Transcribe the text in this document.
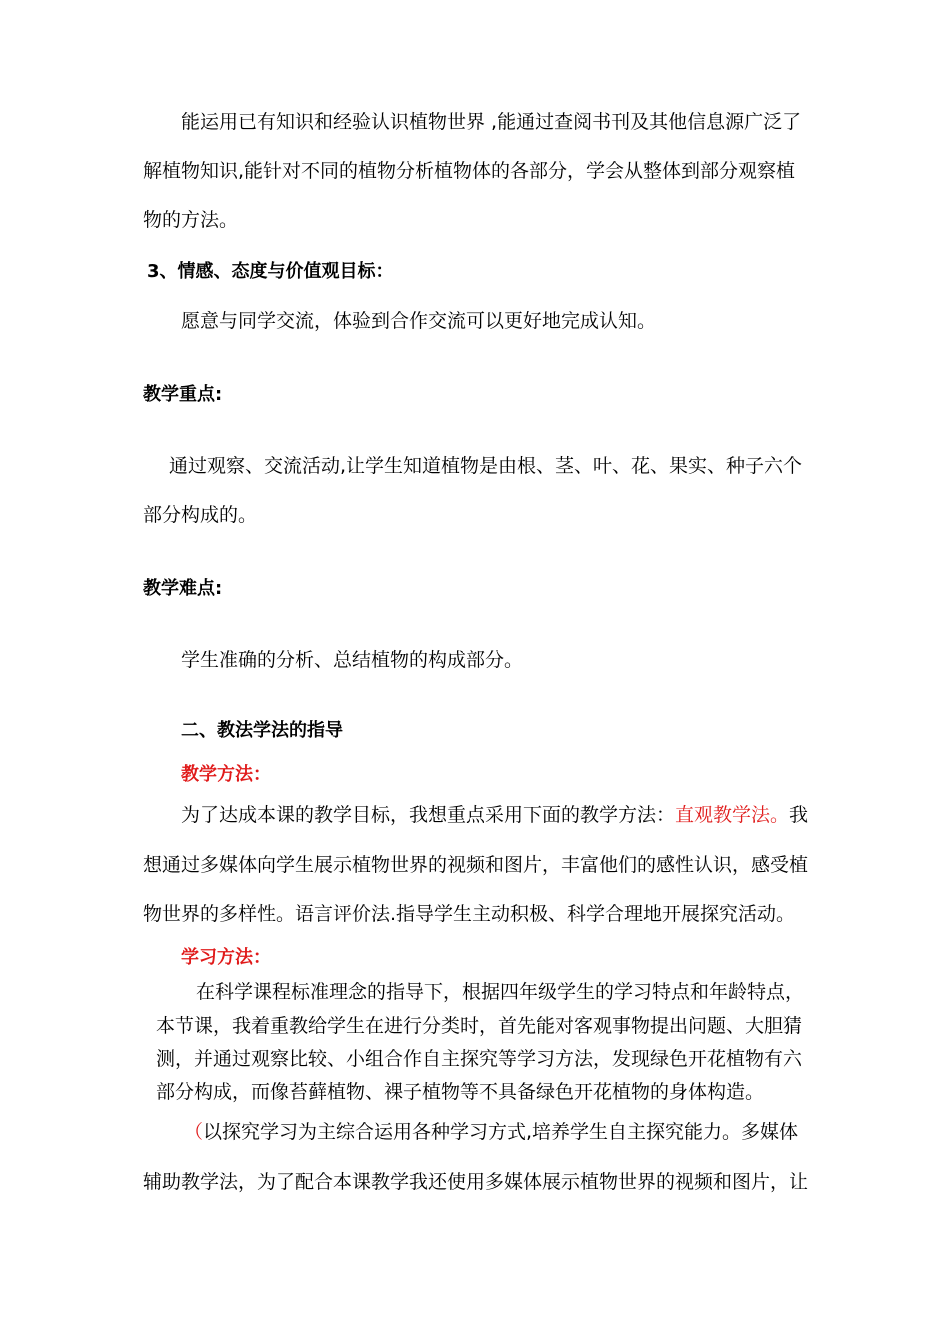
能运用已有知识和经验认识植物世界 ,能通过查阅书刊及其他信息源广泛了
解植物知识,能针对不同的植物分析植物体的各部分，学会从整体到部分观察植
物的方法。
3、情感、态度与价值观目标：
愿意与同学交流，体验到合作交流可以更好地完成认知。
教学重点:
通过观察、交流活动,让学生知道植物是由根、茎、叶、花、果实、种子六个
部分构成的。
教学难点:
学生准确的分析、总结植物的构成部分。
二、教法学法的指导
教学方法：
为了达成本课的教学目标，我想重点采用下面的教学方法：直观教学法。我
想通过多媒体向学生展示植物世界的视频和图片，丰富他们的感性认识，感受植
物世界的多样性。语言评价法.指导学生主动积极、科学合理地开展探究活动。
学习方法：
在科学课程标准理念的指导下，根据四年级学生的学习特点和年龄特点，
本节课，我着重教给学生在进行分类时，首先能对客观事物提出问题、大胆猜
测，并通过观察比较、小组合作自主探究等学习方法，发现绿色开花植物有六
部分构成，而像苔藓植物、裸子植物等不具备绿色开花植物的身体构造。
（以探究学习为主综合运用各种学习方式,培养学生自主探究能力。多媒体
辅助教学法，为了配合本课教学我还使用多媒体展示植物世界的视频和图片，让
